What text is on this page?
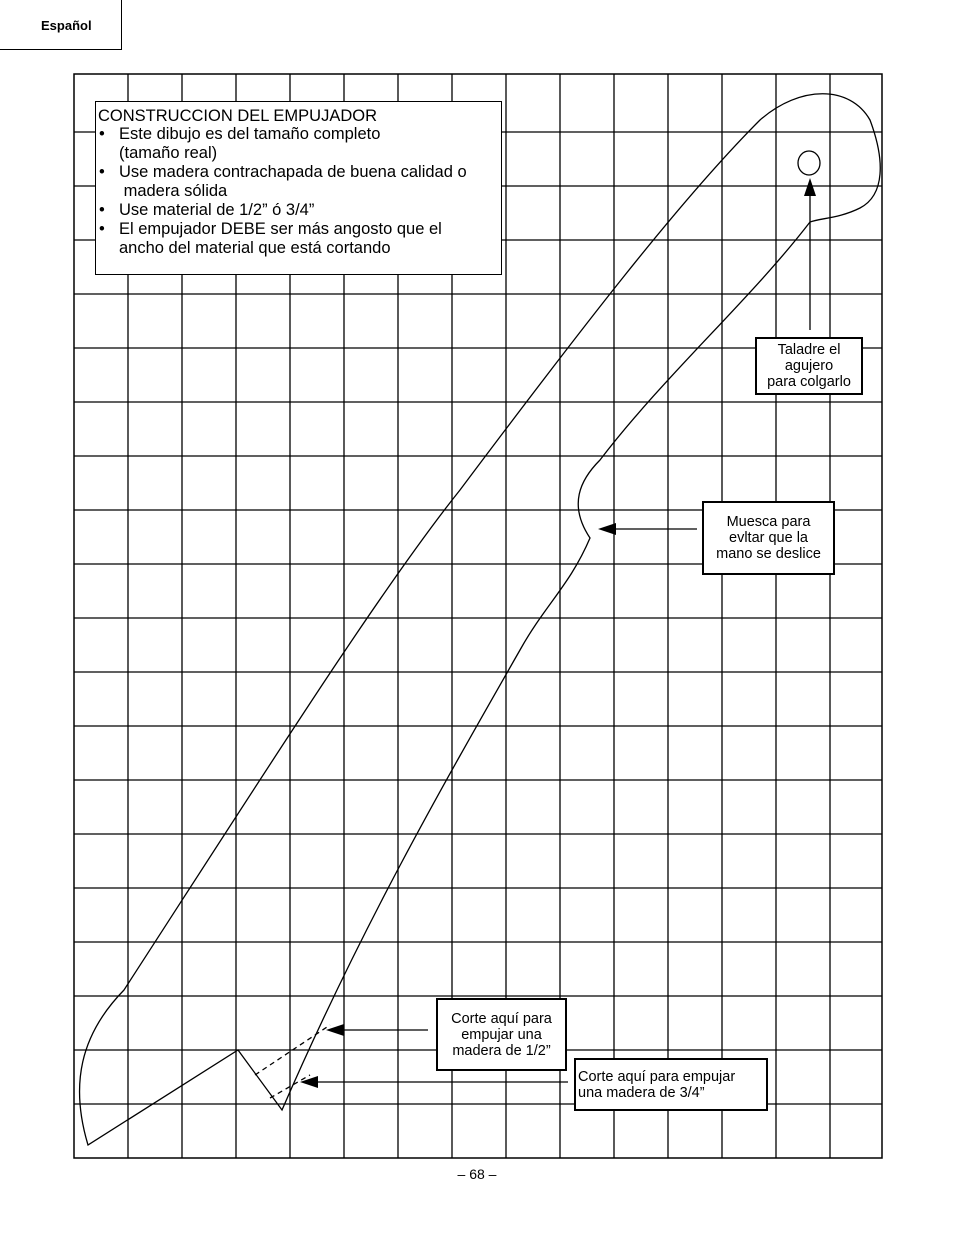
Español
CONSTRUCCION DEL EMPUJADOR
• Este dibujo es del tamaño completo
(tamaño real)
• Use madera contrachapada de buena calidad o
madera sólida
• Use material de 1/2” ó 3/4”
• El empujador DEBE ser más angosto que el
ancho del material que está cortando
Taladre el
agujero
para colgarlo
Muesca para
evltar que la
mano se deslice
Corte aquí para
empujar una
madera de 1/2”
Corte aquí para empujar
una madera de 3/4”
– 68 –
